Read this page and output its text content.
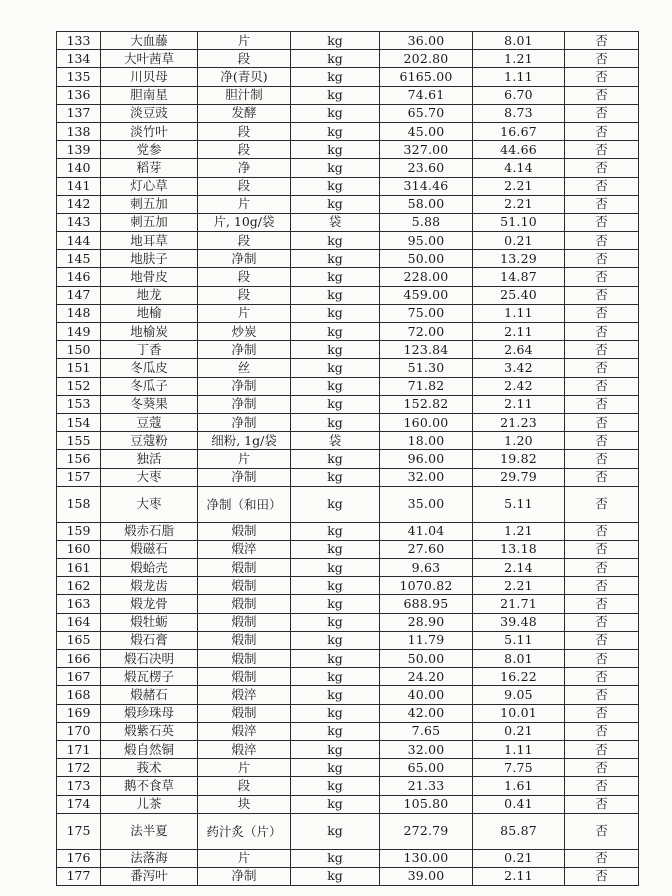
133	大血藤	片	kg	36.00	8.01	否
134	大叶茜草	段	kg	202.80	1.21	否
135	川贝母	净(青贝)	kg	6165.00	1.11	否
136	胆南星	胆汁制	kg	74.61	6.70	否
137	淡豆豉	发酵	kg	65.70	8.73	否
138	淡竹叶	段	kg	45.00	16.67	否
139	党参	段	kg	327.00	44.66	否
140	稻芽	净	kg	23.60	4.14	否
141	灯心草	段	kg	314.46	2.21	否
142	刺五加	片	kg	58.00	2.21	否
143	刺五加	片, 10g/袋	袋	5.88	51.10	否
144	地耳草	段	kg	95.00	0.21	否
145	地肤子	净制	kg	50.00	13.29	否
146	地骨皮	段	kg	228.00	14.87	否
147	地龙	段	kg	459.00	25.40	否
148	地榆	片	kg	75.00	1.11	否
149	地榆炭	炒炭	kg	72.00	2.11	否
150	丁香	净制	kg	123.84	2.64	否
151	冬瓜皮	丝	kg	51.30	3.42	否
152	冬瓜子	净制	kg	71.82	2.42	否
153	冬葵果	净制	kg	152.82	2.11	否
154	豆蔻	净制	kg	160.00	21.23	否
155	豆蔻粉	细粉, 1g/袋	袋	18.00	1.20	否
156	独活	片	kg	96.00	19.82	否
157	大枣	净制	kg	32.00	29.79	否
158	大枣	净制（和田）	kg	35.00	5.11	否
159	煅赤石脂	煅制	kg	41.04	1.21	否
160	煅磁石	煅淬	kg	27.60	13.18	否
161	煅蛤壳	煅制	kg	9.63	2.14	否
162	煅龙齿	煅制	kg	1070.82	2.21	否
163	煅龙骨	煅制	kg	688.95	21.71	否
164	煅牡蛎	煅制	kg	28.90	39.48	否
165	煅石膏	煅制	kg	11.79	5.11	否
166	煅石决明	煅制	kg	50.00	8.01	否
167	煅瓦楞子	煅制	kg	24.20	16.22	否
168	煅赭石	煅淬	kg	40.00	9.05	否
169	煅珍珠母	煅制	kg	42.00	10.01	否
170	煅紫石英	煅淬	kg	7.65	0.21	否
171	煅自然铜	煅淬	kg	32.00	1.11	否
172	莪术	片	kg	65.00	7.75	否
173	鹅不食草	段	kg	21.33	1.61	否
174	儿茶	块	kg	105.80	0.41	否
175	法半夏	药汁炙（片）	kg	272.79	85.87	否
176	法落海	片	kg	130.00	0.21	否
177	番泻叶	净制	kg	39.00	2.11	否
